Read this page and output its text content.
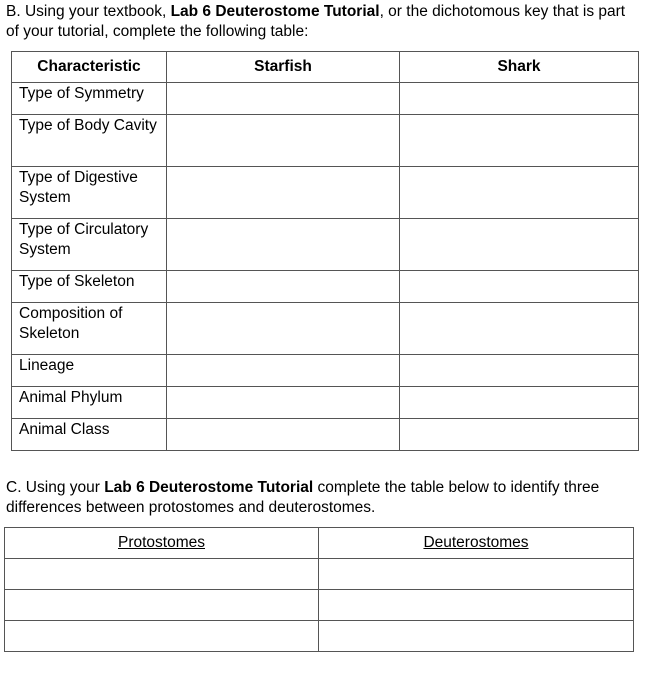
B. Using your textbook, Lab 6 Deuterostome Tutorial, or the dichotomous key that is part of your tutorial, complete the following table:

Characteristic	Starfish	Shark
Type of Symmetry		
Type of Body Cavity		
Type of Digestive System		
Type of Circulatory System		
Type of Skeleton		
Composition of Skeleton		
Lineage		
Animal Phylum		
Animal Class		

C. Using your Lab 6 Deuterostome Tutorial complete the table below to identify three differences between protostomes and deuterostomes.

Protostomes	Deuterostomes
